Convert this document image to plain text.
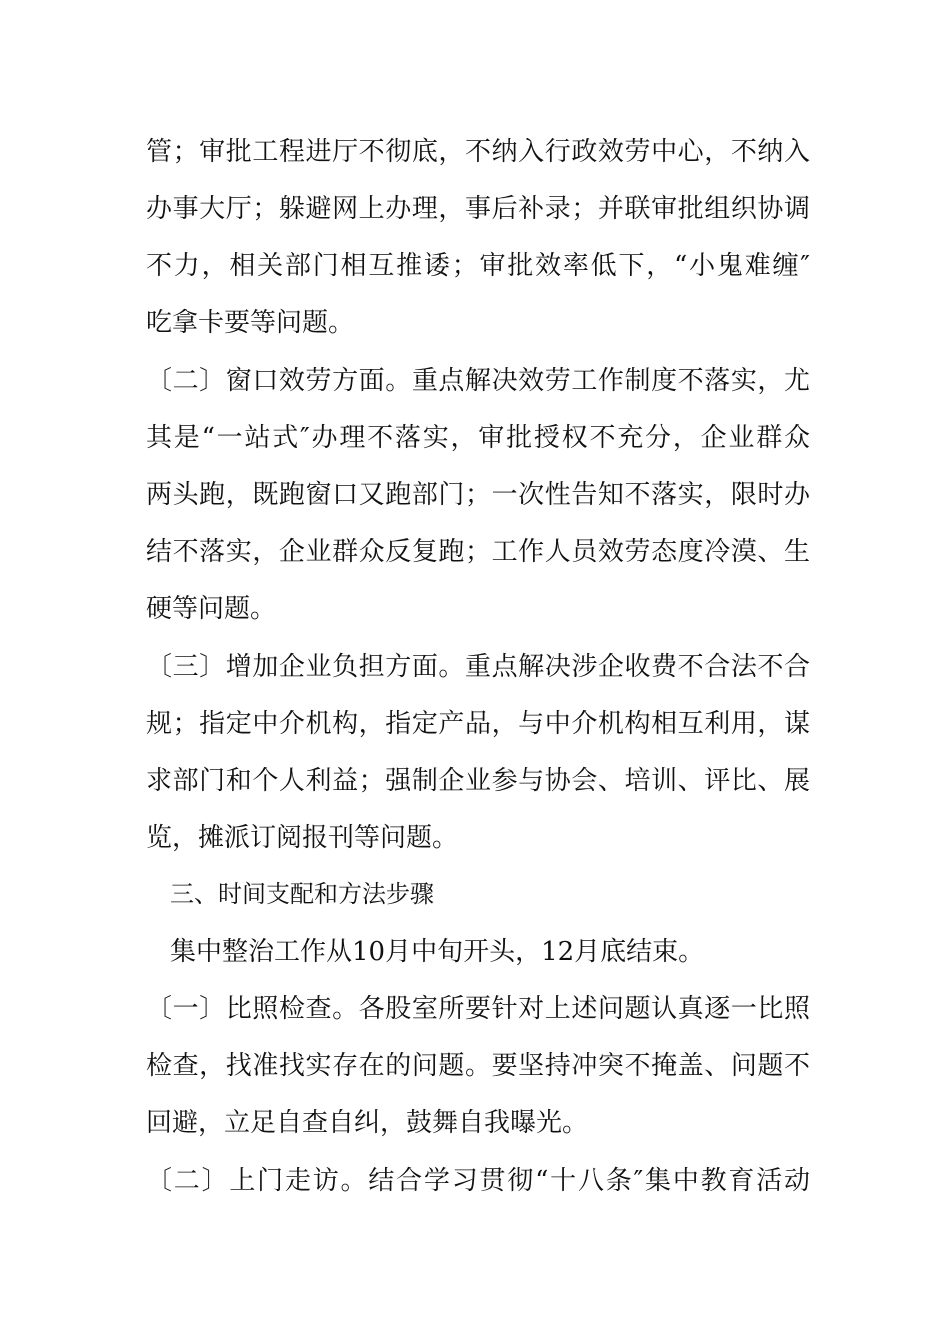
管；审批工程进厅不彻底，不纳入行政效劳中心，不纳入
办事大厅；躲避网上办理，事后补录；并联审批组织协调
不力，相关部门相互推诿；审批效率低下，“小鬼难缠″
吃拿卡要等问题。
〔二〕窗口效劳方面。重点解决效劳工作制度不落实，尤
其是“一站式″办理不落实，审批授权不充分，企业群众
两头跑，既跑窗口又跑部门；一次性告知不落实，限时办
结不落实，企业群众反复跑；工作人员效劳态度冷漠、生
硬等问题。
〔三〕增加企业负担方面。重点解决涉企收费不合法不合
规；指定中介机构，指定产品，与中介机构相互利用，谋
求部门和个人利益；强制企业参与协会、培训、评比、展
览，摊派订阅报刊等问题。
三、时间支配和方法步骤
集中整治工作从10月中旬开头，12月底结束。
〔一〕比照检查。各股室所要针对上述问题认真逐一比照
检查，找准找实存在的问题。要坚持冲突不掩盖、问题不
回避，立足自查自纠，鼓舞自我曝光。
〔二〕上门走访。结合学习贯彻“十八条″集中教育活动
